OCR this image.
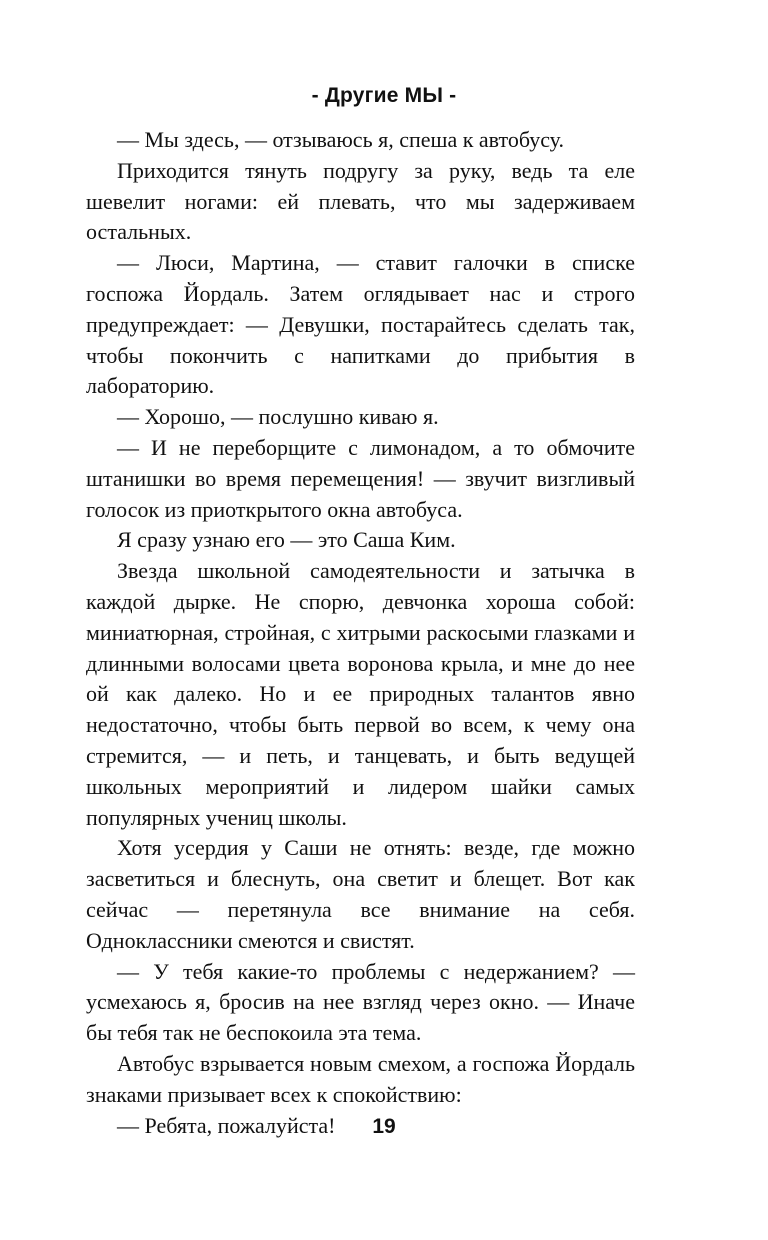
- Другие МЫ -

— Мы здесь, — отзываюсь я, спеша к автобусу.

Приходится тянуть подругу за руку, ведь та еле шевелит ногами: ей плевать, что мы задерживаем остальных.

— Люси, Мартина, — ставит галочки в списке госпожа Йордаль. Затем оглядывает нас и строго предупреждает: — Девушки, постарайтесь сделать так, чтобы покончить с напитками до прибытия в лабораторию.

— Хорошо, — послушно киваю я.

— И не переборщите с лимонадом, а то обмочите штанишки во время перемещения! — звучит визгливый голосок из приоткрытого окна автобуса.

Я сразу узнаю его — это Саша Ким.

Звезда школьной самодеятельности и затычка в каждой дырке. Не спорю, девчонка хороша собой: миниатюрная, стройная, с хитрыми раскосыми глазками и длинными волосами цвета воронова крыла, и мне до нее ой как далеко. Но и ее природных талантов явно недостаточно, чтобы быть первой во всем, к чему она стремится, — и петь, и танцевать, и быть ведущей школьных мероприятий и лидером шайки самых популярных учениц школы.

Хотя усердия у Саши не отнять: везде, где можно засветиться и блеснуть, она светит и блещет. Вот как сейчас — перетянула все внимание на себя. Одноклассники смеются и свистят.

— У тебя какие-то проблемы с недержанием? — усмехаюсь я, бросив на нее взгляд через окно. — Иначе бы тебя так не беспокоила эта тема.

Автобус взрывается новым смехом, а госпожа Йордаль знаками призывает всех к спокойствию:

— Ребята, пожалуйста!	19
